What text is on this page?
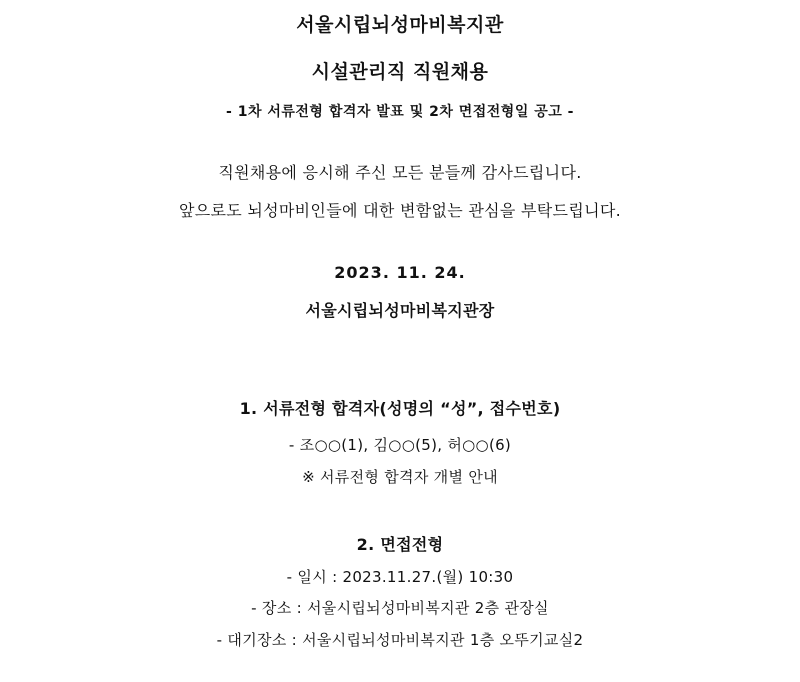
서울시립뇌성마비복지관
시설관리직 직원채용
- 1차 서류전형 합격자 발표 및 2차 면접전형일 공고 -
직원채용에 응시해 주신 모든 분들께 감사드립니다.
앞으로도 뇌성마비인들에 대한 변함없는 관심을 부탁드립니다.
2023. 11. 24.
서울시립뇌성마비복지관장
1. 서류전형 합격자(성명의 “성”, 접수번호)
- 조○○(1), 김○○(5), 허○○(6)
※ 서류전형 합격자 개별 안내
2. 면접전형
- 일시 : 2023.11.27.(월) 10:30
- 장소 : 서울시립뇌성마비복지관 2층 관장실
- 대기장소 : 서울시립뇌성마비복지관 1층 오뚜기교실2
